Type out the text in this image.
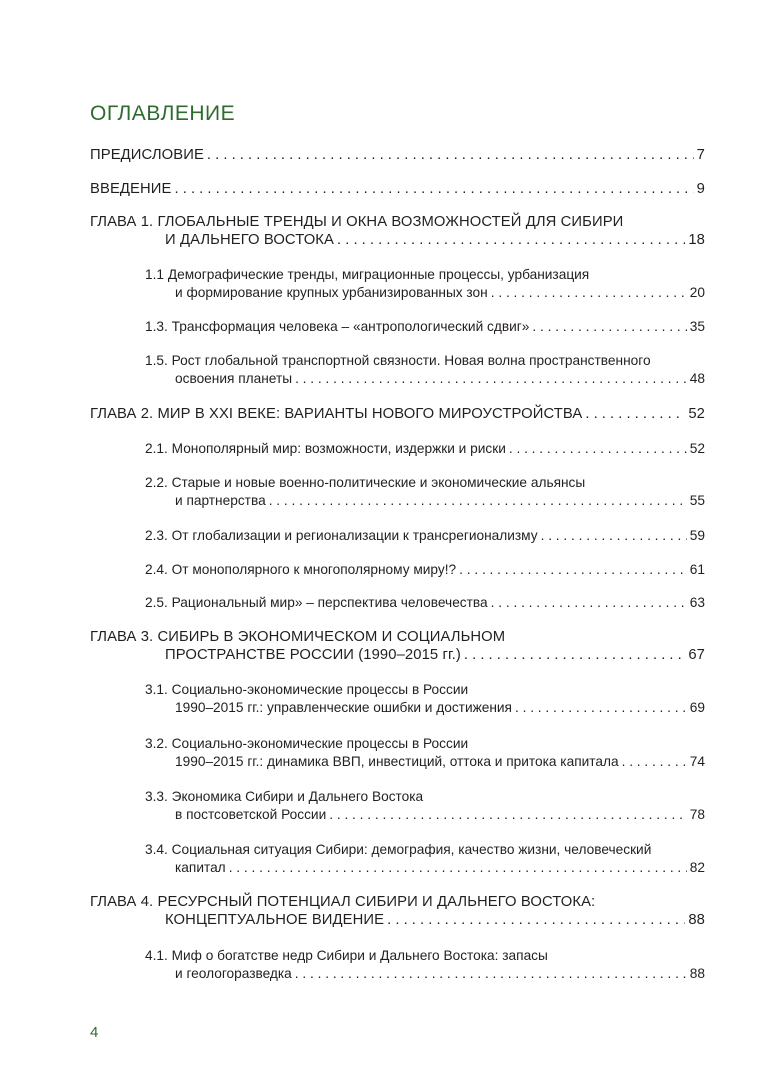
ОГЛАВЛЕНИЕ
ПРЕДИСЛОВИЕ . . .	7
ВВЕДЕНИЕ . . .	9
ГЛАВА 1. ГЛОБАЛЬНЫЕ ТРЕНДЫ И ОКНА ВОЗМОЖНОСТЕЙ ДЛЯ СИБИРИ
И ДАЛЬНЕГО ВОСТОКА . . .	18
1.1 Демографические тренды, миграционные процессы, урбанизация
и формирование крупных урбанизированных зон . . .	20
1.3. Трансформация человека – «антропологический сдвиг» . . .	35
1.5. Рост глобальной транспортной связности. Новая волна пространственного
освоения планеты . . .	48
ГЛАВА 2. МИР В XXI ВЕКЕ: ВАРИАНТЫ НОВОГО МИРОУСТРОЙСТВА . . .	52
2.1. Монополярный мир: возможности, издержки и риски . . .	52
2.2. Старые и новые военно-политические и экономические альянсы
и партнерства . . .	55
2.3. От глобализации и регионализации к трансрегионализму . . .	59
2.4. От монополярного к многополярному миру!? . . .	61
2.5. Рациональный мир» – перспектива человечества . . .	63
ГЛАВА 3. СИБИРЬ В ЭКОНОМИЧЕСКОМ И СОЦИАЛЬНОМ
ПРОСТРАНСТВЕ РОССИИ (1990–2015 гг.) . . .	67
3.1. Социально-экономические процессы в России
1990–2015 гг.: управленческие ошибки и достижения . . .	69
3.2. Социально-экономические процессы в России
1990–2015 гг.: динамика ВВП, инвестиций, оттока и притока капитала . . .	74
3.3. Экономика Сибири и Дальнего Востока
в постсоветской России . . .	78
3.4. Социальная ситуация Сибири: демография, качество жизни, человеческий
капитал . . .	82
ГЛАВА 4. РЕСУРСНЫЙ ПОТЕНЦИАЛ СИБИРИ И ДАЛЬНЕГО ВОСТОКА:
КОНЦЕПТУАЛЬНОЕ ВИДЕНИЕ . . .	88
4.1. Миф о богатстве недр Сибири и Дальнего Востока: запасы
и геологоразведка . . .	88
4
